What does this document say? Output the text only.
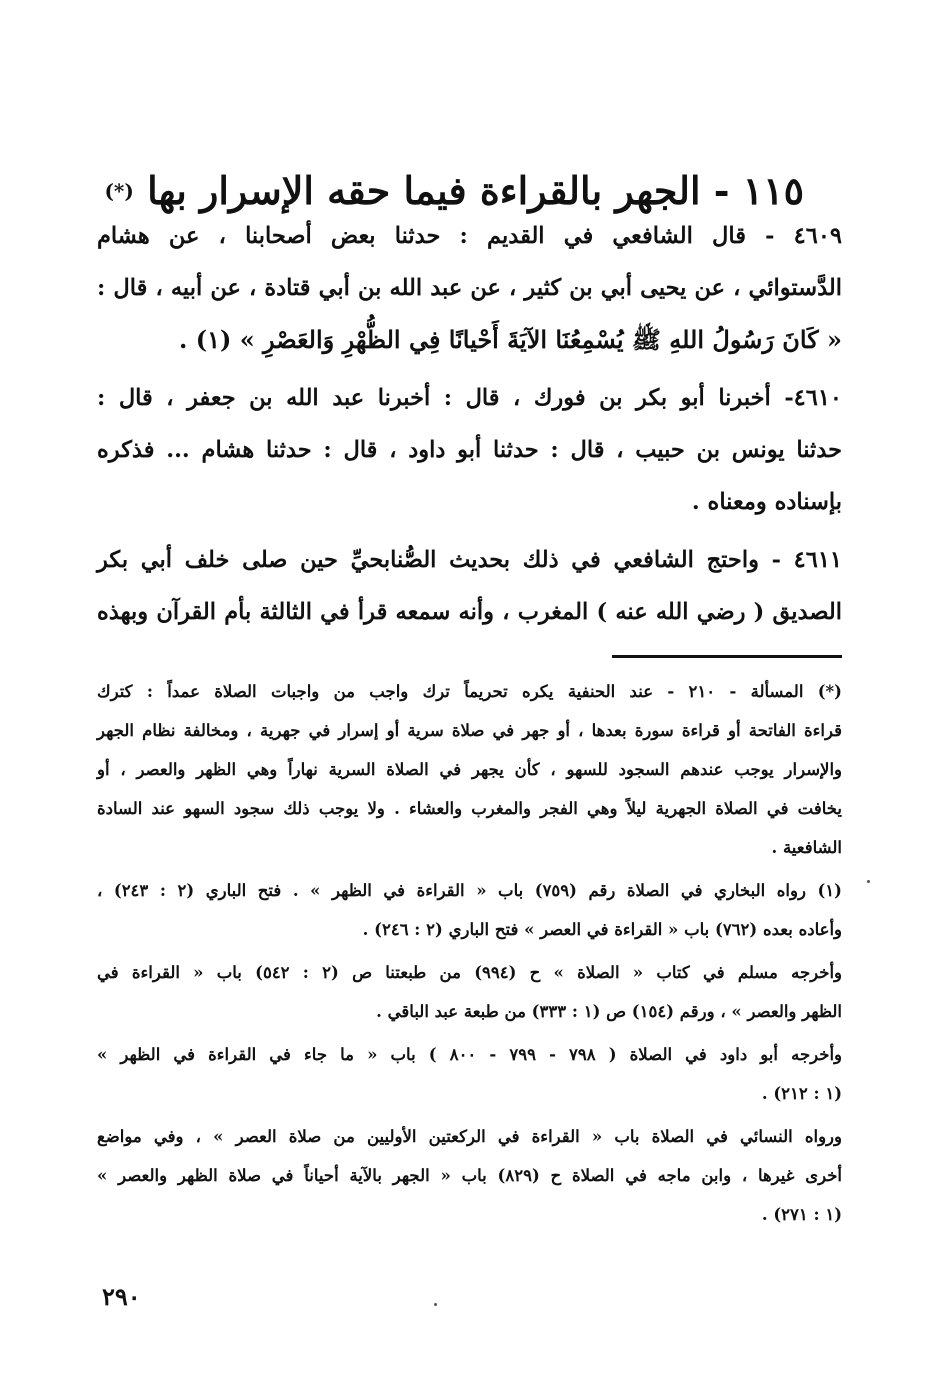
١١٥ - الجهر بالقراءة فيما حقه الإسرار بها (*)

٤٦٠٩ - قال الشافعي في القديم : حدثنا بعض أصحابنا ، عن هشام
الدَّستوائي ، عن يحيى أبي بن كثير ، عن عبد الله بن أبي قتادة ، عن أبيه ، قال :
« كَانَ رَسُولُ اللهِ ﷺ يُسْمِعُنَا الآيَةَ أَحْيانًا فِي الظُّهْرِ وَالعَصْرِ » (١) .

٤٦١٠- أخبرنا أبو بكر بن فورك ، قال : أخبرنا عبد الله بن جعفر ، قال :
حدثنا يونس بن حبيب ، قال : حدثنا أبو داود ، قال : حدثنا هشام ... فذكره
بإسناده ومعناه .

٤٦١١ - واحتج الشافعي في ذلك بحديث الصُّنابحيِّ حين صلى خلف أبي بكر
الصديق ( رضي الله عنه ) المغرب ، وأنه سمعه قرأ في الثالثة بأم القرآن وبهذه

(*) المسألة - ٢١٠ - عند الحنفية يكره تحريماً ترك واجب من واجبات الصلاة عمداً : كترك
قراءة الفاتحة أو قراءة سورة بعدها ، أو جهر في صلاة سرية أو إسرار في جهرية ، ومخالفة نظام الجهر
والإسرار يوجب عندهم السجود للسهو ، كأن يجهر في الصلاة السرية نهاراً وهي الظهر والعصر ، أو
يخافت في الصلاة الجهرية ليلاً وهي الفجر والمغرب والعشاء . ولا يوجب ذلك سجود السهو عند السادة
الشافعية .

(١) رواه البخاري في الصلاة رقم (٧٥٩) باب « القراءة في الظهر » . فتح الباري (٢ : ٢٤٣) ،
وأعاده بعده (٧٦٢) باب « القراءة في العصر » فتح الباري (٢ : ٢٤٦) .

وأخرجه مسلم في كتاب « الصلاة » ح (٩٩٤) من طبعتنا ص (٢ : ٥٤٢) باب « القراءة في
الظهر والعصر » ، ورقم (١٥٤) ص (١ : ٣٣٣) من طبعة عبد الباقي .

وأخرجه أبو داود في الصلاة ( ٧٩٨ - ٧٩٩ - ٨٠٠ ) باب « ما جاء في القراءة في الظهر »
(١ : ٢١٢) .

ورواه النسائي في الصلاة باب « القراءة في الركعتين الأوليين من صلاة العصر » ، وفي مواضع
أخرى غيرها ، وابن ماجه في الصلاة ح (٨٢٩) باب « الجهر بالآية أحياناً في صلاة الظهر والعصر »
(١ : ٢٧١) .

٢٩٠
